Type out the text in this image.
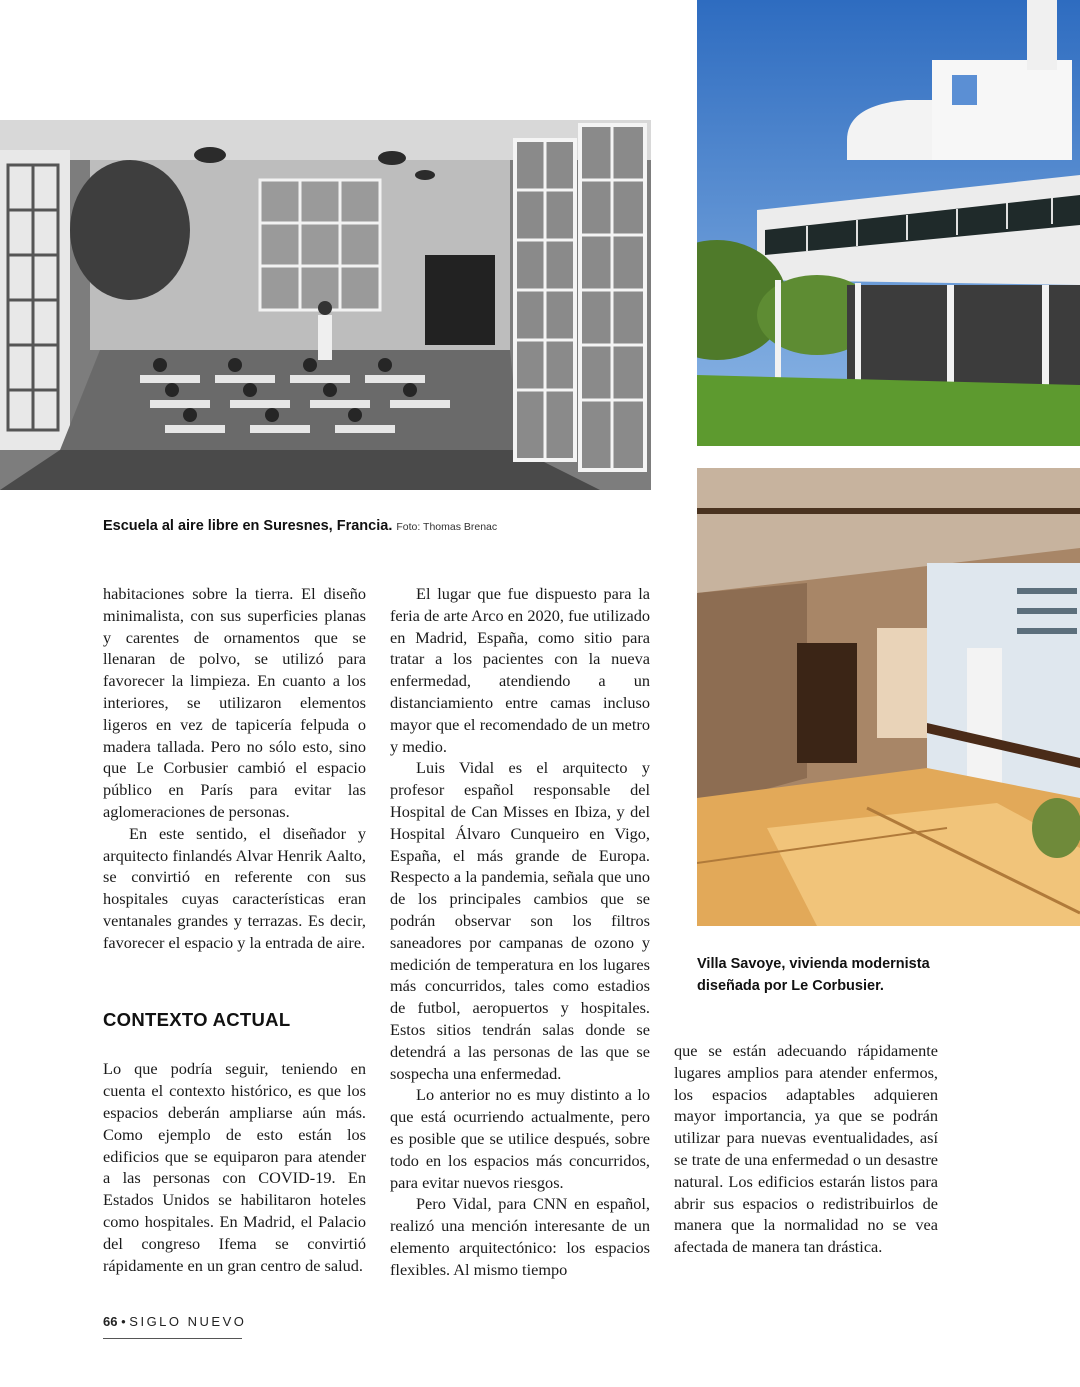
Escuela al aire libre en Suresnes, Francia. Foto: Thomas Brenac
Villa Savoye, vivienda modernista diseñada por Le Corbusier.

habitaciones sobre la tierra. El diseño minimalista, con sus superficies planas y carentes de ornamentos que se llenaran de polvo, se utilizó para favorecer la limpieza. En cuanto a los interiores, se utilizaron elementos ligeros en vez de tapicería felpuda o madera tallada. Pero no sólo esto, sino que Le Corbusier cambió el espacio público en París para evitar las aglomeraciones de personas.

En este sentido, el diseñador y arquitecto finlandés Alvar Henrik Aalto, se convirtió en referente con sus hospitales cuyas características eran ventanales grandes y terrazas. Es decir, favorecer el espacio y la entrada de aire.

CONTEXTO ACTUAL

Lo que podría seguir, teniendo en cuenta el contexto histórico, es que los espacios deberán ampliarse aún más. Como ejemplo de esto están los edificios que se equiparon para atender a las personas con COVID-19. En Estados Unidos se habilitaron hoteles como hospitales. En Madrid, el Palacio del congreso Ifema se convirtió rápidamente en un gran centro de salud.

El lugar que fue dispuesto para la feria de arte Arco en 2020, fue utilizado en Madrid, España, como sitio para tratar a los pacientes con la nueva enfermedad, atendiendo a un distanciamiento entre camas incluso mayor que el recomendado de un metro y medio.

Luis Vidal es el arquitecto y profesor español responsable del Hospital de Can Misses en Ibiza, y del Hospital Álvaro Cunqueiro en Vigo, España, el más grande de Europa. Respecto a la pandemia, señala que uno de los principales cambios que se podrán observar son los filtros saneadores por campanas de ozono y medición de temperatura en los lugares más concurridos, tales como estadios de futbol, aeropuertos y hospitales. Estos sitios tendrán salas donde se detendrá a las personas de las que se sospecha una enfermedad.

Lo anterior no es muy distinto a lo que está ocurriendo actualmente, pero es posible que se utilice después, sobre todo en los espacios más concurridos, para evitar nuevos riesgos.

Pero Vidal, para CNN en español, realizó una mención interesante de un elemento arquitectónico: los espacios flexibles. Al mismo tiempo

que se están adecuando rápidamente lugares amplios para atender enfermos, los espacios adaptables adquieren mayor importancia, ya que se podrán utilizar para nuevas eventualidades, así se trate de una enfermedad o un desastre natural. Los edificios estarán listos para abrir sus espacios o redistribuirlos de manera que la normalidad no se vea afectada de manera tan drástica.

66 • SIGLO NUEVO
